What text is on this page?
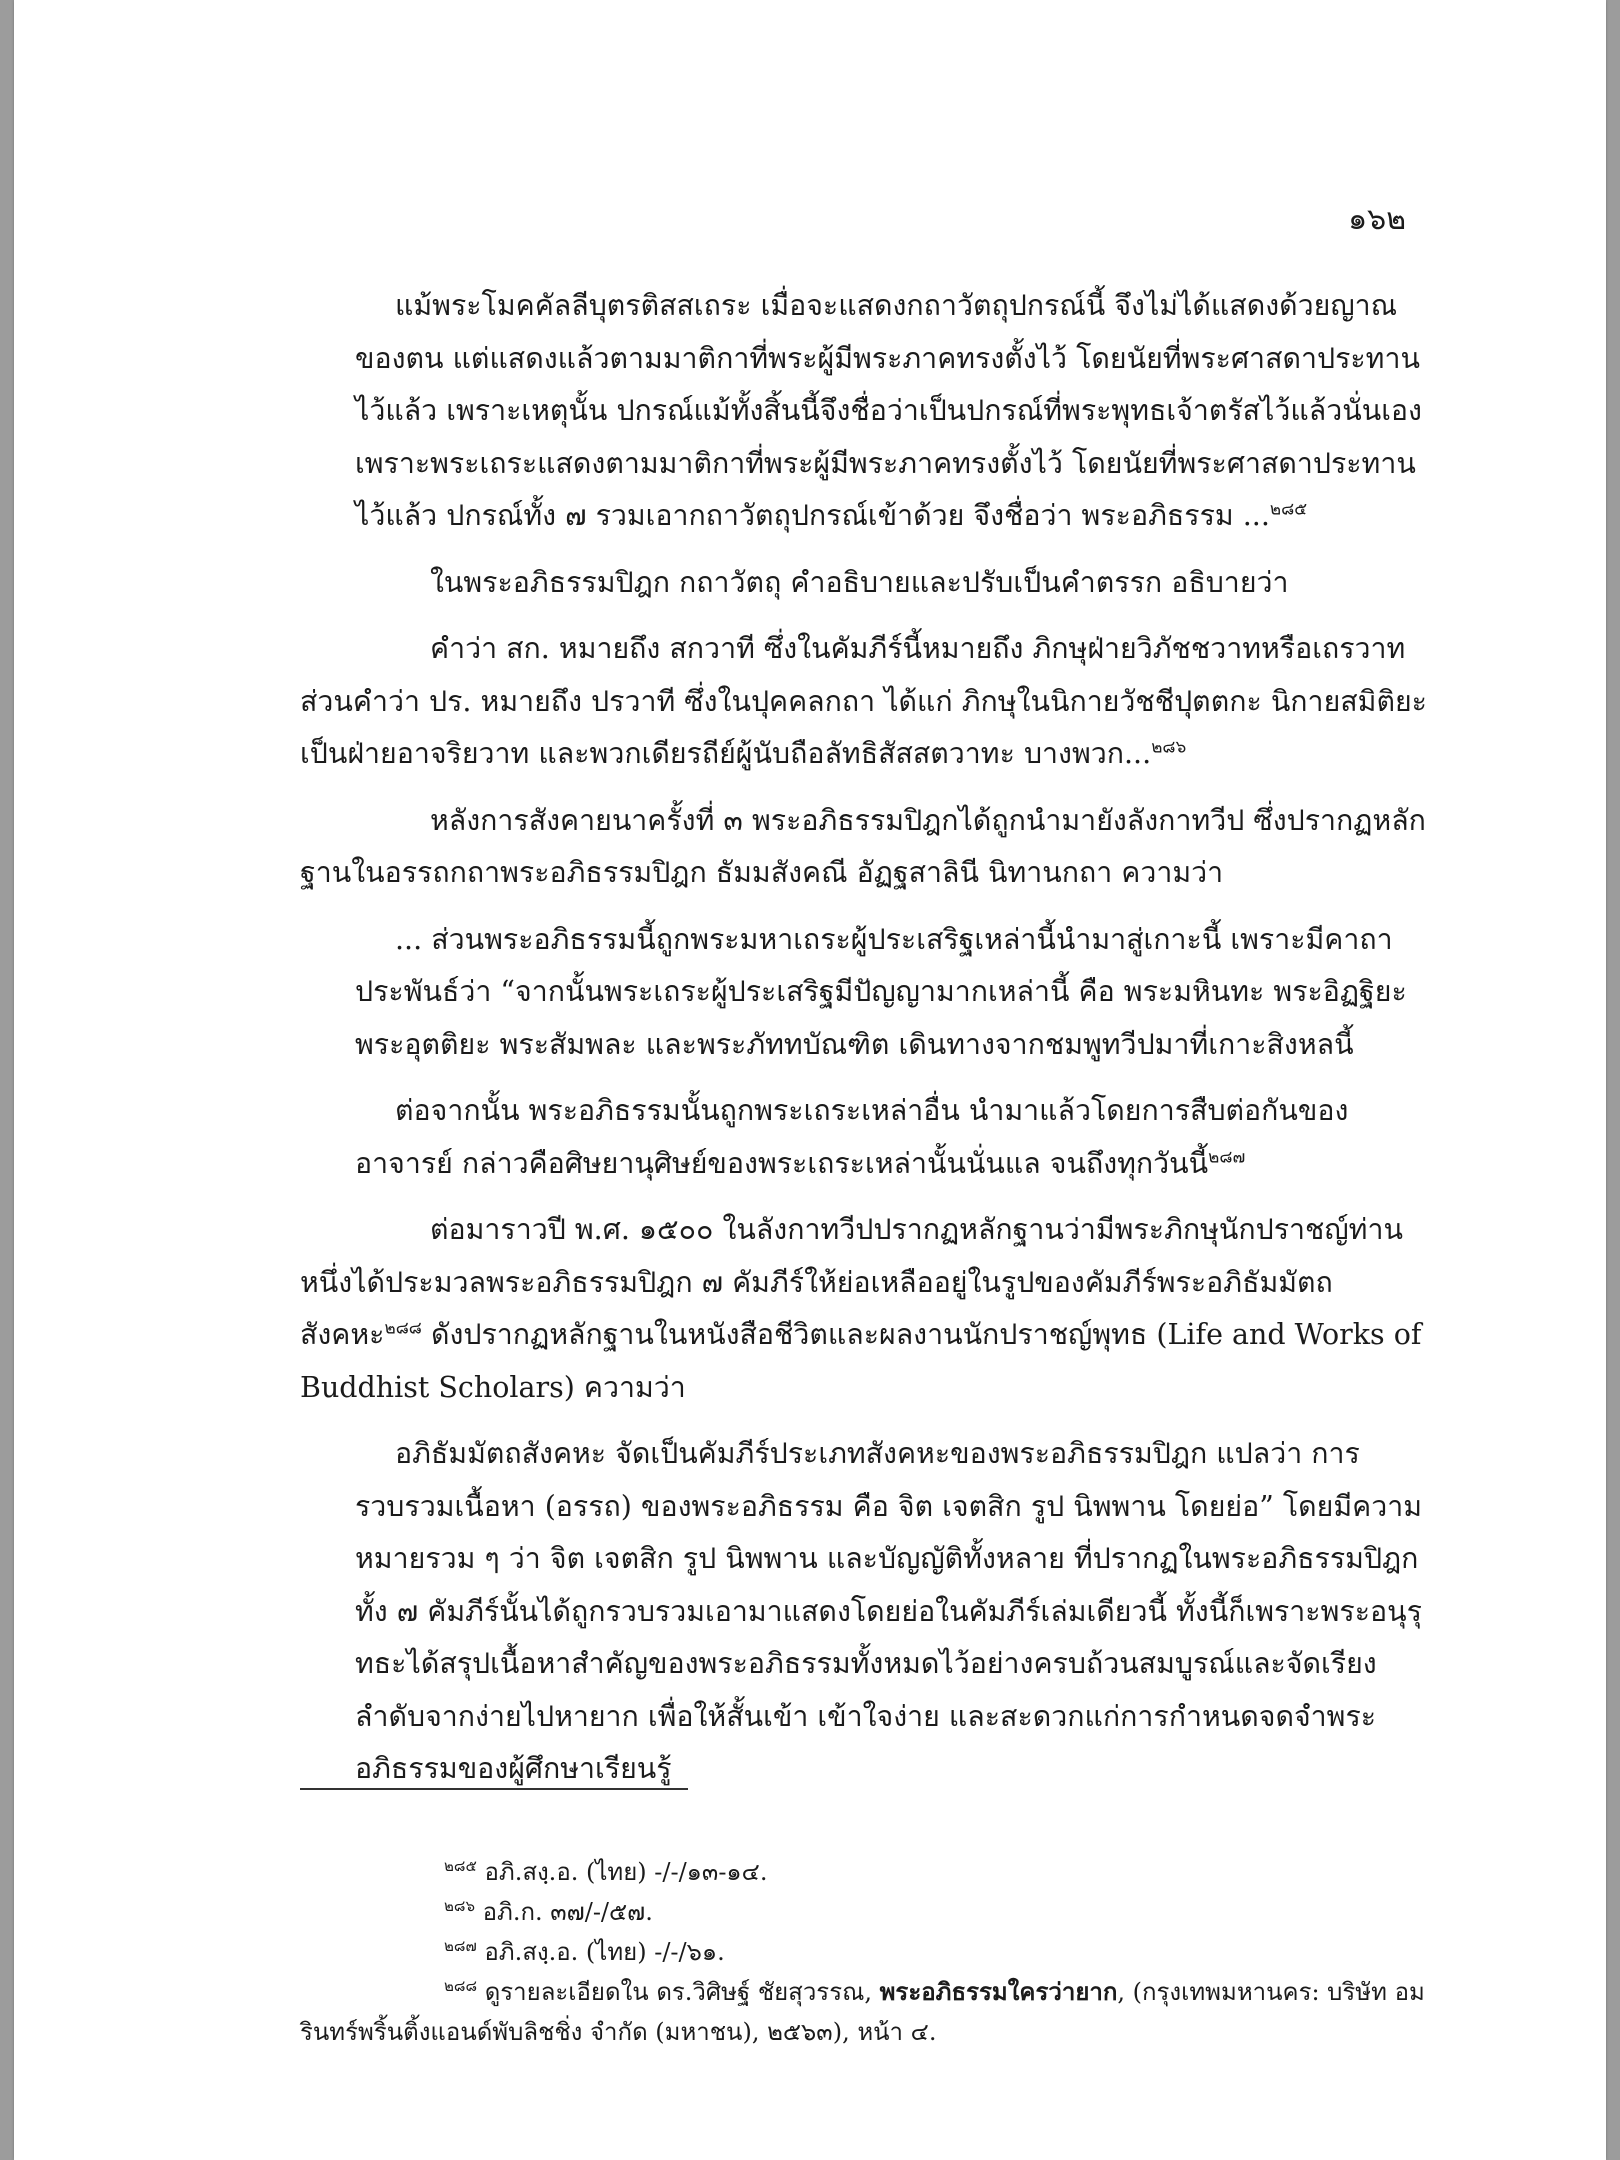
๑๖๒

แม้พระโมคคัลลีบุตรติสสเถระ เมื่อจะแสดงกถาวัตถุปกรณ์นี้ จึงไม่ได้แสดงด้วยญาณของตน แต่แสดงแล้วตามมาติกาที่พระผู้มีพระภาคทรงตั้งไว้ โดยนัยที่พระศาสดาประทานไว้แล้ว เพราะเหตุนั้น ปกรณ์แม้ทั้งสิ้นนี้จึงชื่อว่าเป็นปกรณ์ที่พระพุทธเจ้าตรัสไว้แล้วนั่นเอง เพราะพระเถระแสดงตามมาติกาที่พระผู้มีพระภาคทรงตั้งไว้ โดยนัยที่พระศาสดาประทานไว้แล้ว ปกรณ์ทั้ง ๗ รวมเอากถาวัตถุปกรณ์เข้าด้วย จึงชื่อว่า พระอภิธรรม ...$^{๒๘๕}$

ในพระอภิธรรมปิฎก กถาวัตถุ คำอธิบายและปรับเป็นคำตรรก อธิบายว่า

คำว่า สก. หมายถึง สกวาที ซึ่งในคัมภีร์นี้หมายถึง ภิกษุฝ่ายวิภัชชวาทหรือเถรวาท ส่วนคำว่า ปร. หมายถึง ปรวาที ซึ่งในปุคคลกถา ได้แก่ ภิกษุในนิกายวัชชีปุตตกะ นิกายสมิติยะ เป็นฝ่ายอาจริยวาท และพวกเดียรถีย์ผู้นับถือลัทธิสัสสตวาทะ บางพวก...$^{๒๘๖}$

หลังการสังคายนาครั้งที่ ๓ พระอภิธรรมปิฎกได้ถูกนำมายังลังกาทวีป ซึ่งปรากฏหลักฐานในอรรถกถาพระอภิธรรมปิฎก ธัมมสังคณี อัฏฐสาลินี นิทานกถา ความว่า

... ส่วนพระอภิธรรมนี้ถูกพระมหาเถระผู้ประเสริฐเหล่านี้นำมาสู่เกาะนี้ เพราะมีคาถาประพันธ์ว่า “จากนั้นพระเถระผู้ประเสริฐมีปัญญามากเหล่านี้ คือ พระมหินทะ พระอิฏฐิยะ พระอุตติยะ พระสัมพละ และพระภัททบัณฑิต เดินทางจากชมพูทวีปมาที่เกาะสิงหลนี้

ต่อจากนั้น พระอภิธรรมนั้นถูกพระเถระเหล่าอื่น นำมาแล้วโดยการสืบต่อกันของอาจารย์ กล่าวคือศิษยานุศิษย์ของพระเถระเหล่านั้นนั่นแล จนถึงทุกวันนี้$^{๒๘๗}$

ต่อมาราวปี พ.ศ. ๑๕๐๐ ในลังกาทวีปปรากฏหลักฐานว่ามีพระภิกษุนักปราชญ์ท่านหนึ่งได้ประมวลพระอภิธรรมปิฎก ๗ คัมภีร์ให้ย่อเหลืออยู่ในรูปของคัมภีร์พระอภิธัมมัตถสังคหะ$^{๒๘๘}$ ดังปรากฏหลักฐานในหนังสือชีวิตและผลงานนักปราชญ์พุทธ (Life and Works of Buddhist Scholars) ความว่า

อภิธัมมัตถสังคหะ จัดเป็นคัมภีร์ประเภทสังคหะของพระอภิธรรมปิฎก แปลว่า การรวบรวมเนื้อหา (อรรถ) ของพระอภิธรรม คือ จิต เจตสิก รูป นิพพาน โดยย่อ” โดยมีความหมายรวม ๆ ว่า จิต เจตสิก รูป นิพพาน และบัญญัติทั้งหลาย ที่ปรากฏในพระอภิธรรมปิฎกทั้ง ๗ คัมภีร์นั้นได้ถูกรวบรวมเอามาแสดงโดยย่อในคัมภีร์เล่มเดียวนี้ ทั้งนี้ก็เพราะพระอนุรุทธะได้สรุปเนื้อหาสำคัญของพระอภิธรรมทั้งหมดไว้อย่างครบถ้วนสมบูรณ์และจัดเรียงลำดับจากง่ายไปหายาก เพื่อให้สั้นเข้า เข้าใจง่าย และสะดวกแก่การกำหนดจดจำพระอภิธรรมของผู้ศึกษาเรียนรู้

$^{๒๘๕}$ อภิ.สงฺ.อ. (ไทย) -/-/๑๓-๑๔.

$^{๒๘๖}$ อภิ.ก. ๓๗/-/๕๗.

$^{๒๘๗}$ อภิ.สงฺ.อ. (ไทย) -/-/๖๑.

$^{๒๘๘}$ ดูรายละเอียดใน ดร.วิศิษฐ์ ชัยสุวรรณ, พระอภิธรรมใครว่ายาก, (กรุงเทพมหานคร: บริษัท อมรินทร์พริ้นติ้งแอนด์พับลิชชิ่ง จำกัด (มหาชน), ๒๕๖๓), หน้า ๔.
